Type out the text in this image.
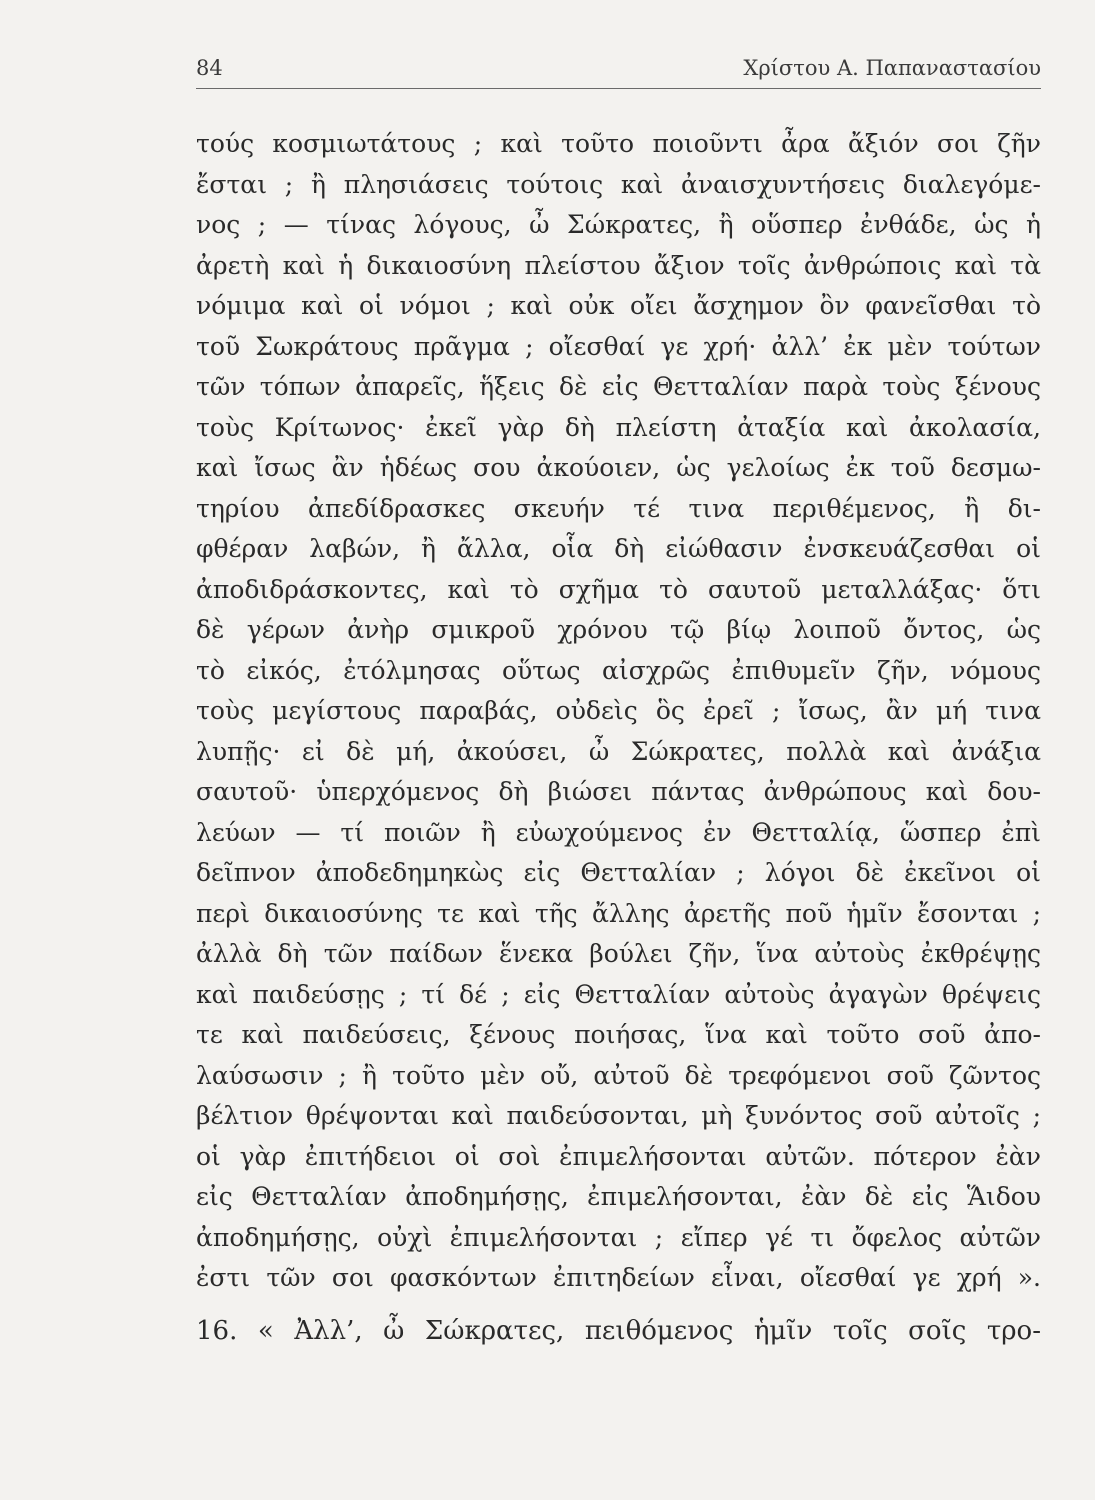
84	Χρίστου Α. Παπαναστασίου
τούς κοσμιωτάτους ; καὶ τοῦτο ποιοῦντι ἆρα ἄξιόν σοι ζῆν
ἔσται ; ἢ πλησιάσεις τούτοις καὶ ἀναισχυντήσεις διαλεγόμε-
νος ; — τίνας λόγους, ὦ Σώκρατες, ἢ οὕσπερ ἐνθάδε, ὡς ἡ
ἀρετὴ καὶ ἡ δικαιοσύνη πλείστου ἄξιον τοῖς ἀνθρώποις καὶ τὰ
νόμιμα καὶ οἱ νόμοι ; καὶ οὐκ οἴει ἄσχημον ὂν φανεῖσθαι τὸ
τοῦ Σωκράτους πρᾶγμα ; οἴεσθαί γε χρή· ἀλλ’ ἐκ μὲν τούτων
τῶν τόπων ἀπαρεῖς, ἥξεις δὲ εἰς Θετταλίαν παρὰ τοὺς ξένους
τοὺς Κρίτωνος· ἐκεῖ γὰρ δὴ πλείστη ἀταξία καὶ ἀκολασία,
καὶ ἴσως ἂν ἡδέως σου ἀκούοιεν, ὡς γελοίως ἐκ τοῦ δεσμω-
τηρίου ἀπεδίδρασκες σκευήν τέ τινα περιθέμενος, ἢ δι-
φθέραν λαβών, ἢ ἄλλα, οἷα δὴ εἰώθασιν ἐνσκευάζεσθαι οἱ
ἀποδιδράσκοντες, καὶ τὸ σχῆμα τὸ σαυτοῦ μεταλλάξας· ὅτι
δὲ γέρων ἀνὴρ σμικροῦ χρόνου τῷ βίῳ λοιποῦ ὄντος, ὡς
τὸ εἰκός, ἐτόλμησας οὕτως αἰσχρῶς ἐπιθυμεῖν ζῆν, νόμους
τοὺς μεγίστους παραβάς, οὐδεὶς ὃς ἐρεῖ ; ἴσως, ἂν μή τινα
λυπῇς· εἰ δὲ μή, ἀκούσει, ὦ Σώκρατες, πολλὰ καὶ ἀνάξια
σαυτοῦ· ὑπερχόμενος δὴ βιώσει πάντας ἀνθρώπους καὶ δου-
λεύων — τί ποιῶν ἢ εὐωχούμενος ἐν Θετταλίᾳ, ὥσπερ ἐπὶ
δεῖπνον ἀποδεδημηκὼς εἰς Θετταλίαν ; λόγοι δὲ ἐκεῖνοι οἱ
περὶ δικαιοσύνης τε καὶ τῆς ἄλλης ἀρετῆς ποῦ ἡμῖν ἔσονται ;
ἀλλὰ δὴ τῶν παίδων ἕνεκα βούλει ζῆν, ἵνα αὐτοὺς ἐκθρέψῃς
καὶ παιδεύσῃς ; τί δέ ; εἰς Θετταλίαν αὐτοὺς ἀγαγὼν θρέψεις
τε καὶ παιδεύσεις, ξένους ποιήσας, ἵνα καὶ τοῦτο σοῦ ἀπο-
λαύσωσιν ; ἢ τοῦτο μὲν οὔ, αὐτοῦ δὲ τρεφόμενοι σοῦ ζῶντος
βέλτιον θρέψονται καὶ παιδεύσονται, μὴ ξυνόντος σοῦ αὐτοῖς ;
οἱ γὰρ ἐπιτήδειοι οἱ σοὶ ἐπιμελήσονται αὐτῶν. πότερον ἐὰν
εἰς Θετταλίαν ἀποδημήσῃς, ἐπιμελήσονται, ἐὰν δὲ εἰς Ἅιδου
ἀποδημήσῃς, οὐχὶ ἐπιμελήσονται ; εἴπερ γέ τι ὄφελος αὐτῶν
ἐστι τῶν σοι φασκόντων ἐπιτηδείων εἶναι, οἴεσθαί γε χρή ».
16. « Ἀλλ’, ὦ Σώκρατες, πειθόμενος ἡμῖν τοῖς σοῖς τρο-
